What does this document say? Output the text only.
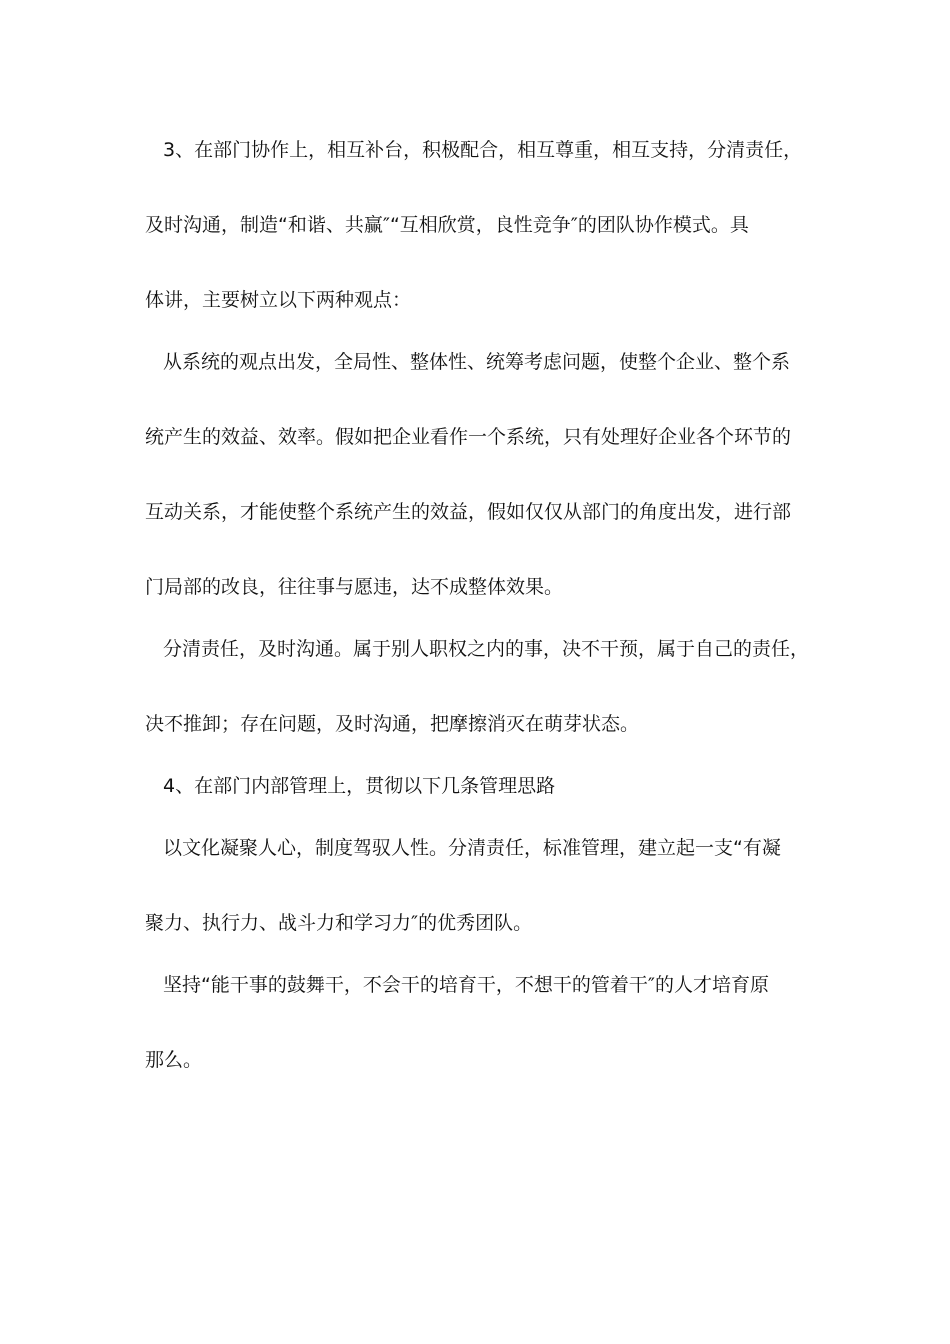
3、在部门协作上，相互补台，积极配合，相互尊重，相互支持，分清责任，
及时沟通，制造“和谐、共赢″“互相欣赏，良性竞争″的团队协作模式。具
体讲，主要树立以下两种观点：
从系统的观点出发，全局性、整体性、统筹考虑问题，使整个企业、整个系
统产生的效益、效率。假如把企业看作一个系统，只有处理好企业各个环节的
互动关系，才能使整个系统产生的效益，假如仅仅从部门的角度出发，进行部
门局部的改良，往往事与愿违，达不成整体效果。
分清责任，及时沟通。属于别人职权之内的事，决不干预，属于自己的责任，
决不推卸；存在问题，及时沟通，把摩擦消灭在萌芽状态。
4、在部门内部管理上，贯彻以下几条管理思路
以文化凝聚人心，制度驾驭人性。分清责任，标准管理，建立起一支“有凝
聚力、执行力、战斗力和学习力″的优秀团队。
坚持“能干事的鼓舞干，不会干的培育干，不想干的管着干″的人才培育原
那么。
